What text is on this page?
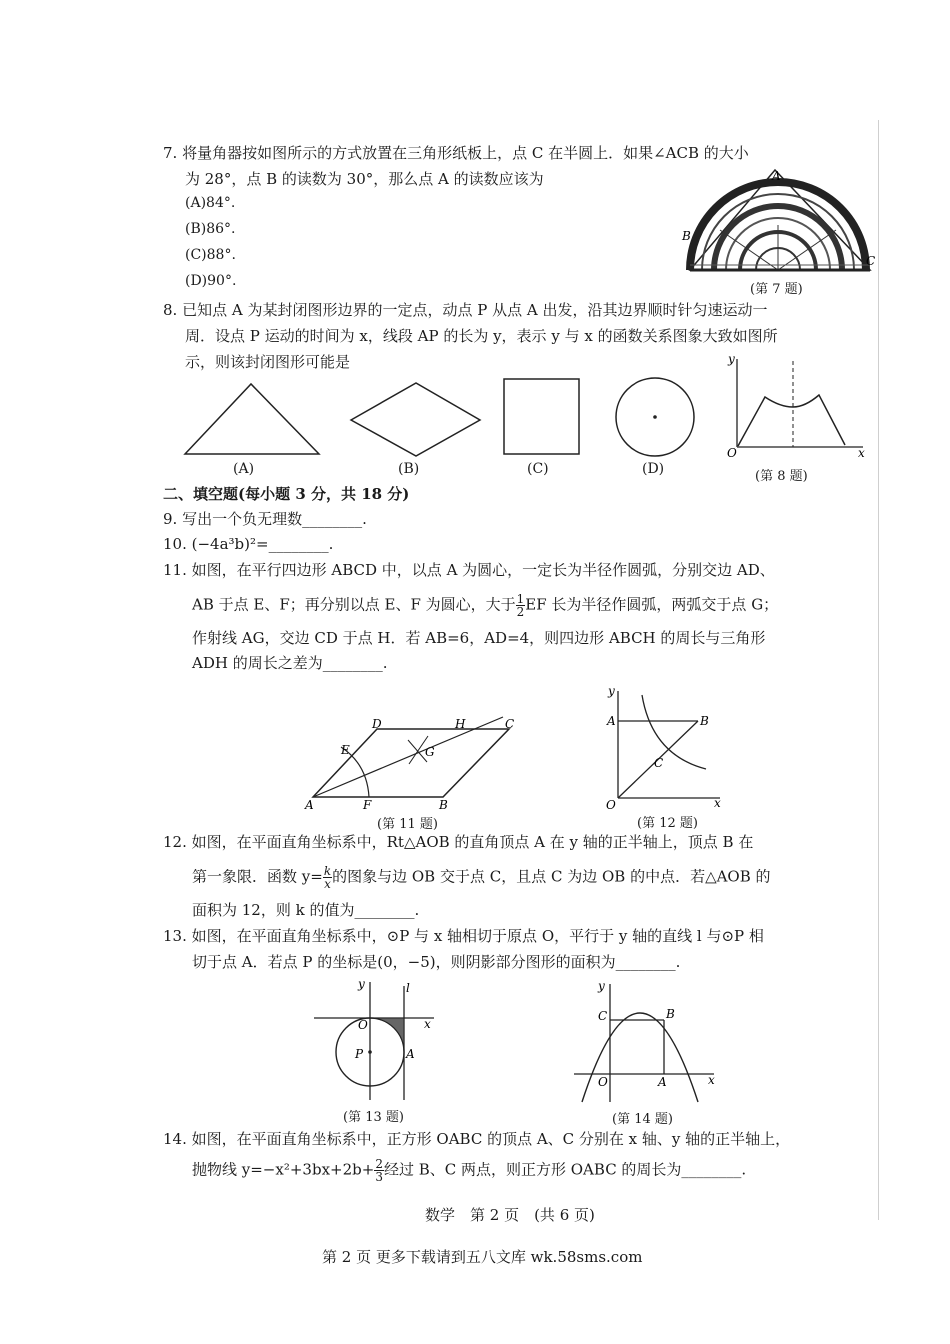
7. 将量角器按如图所示的方式放置在三角形纸板上，点 C 在半圆上．如果∠ACB 的大小
为 28°，点 B 的读数为 30°，那么点 A 的读数应该为
(A)84°.
(B)86°.
(C)88°.
(D)90°.
A
B
C
(第 7 题)
8. 已知点 A 为某封闭图形边界的一定点，动点 P 从点 A 出发，沿其边界顺时针匀速运动一
周．设点 P 运动的时间为 x，线段 AP 的长为 y，表示 y 与 x 的函数关系图象大致如图所
示，则该封闭图形可能是
(A)	(B)	(C)	(D)
y
x
O
(第 8 题)
二、填空题(每小题 3 分，共 18 分)
9. 写出一个负无理数________.
10. (−4a³b)²=________.
11. 如图，在平行四边形 ABCD 中，以点 A 为圆心，一定长为半径作圆弧，分别交边 AD、
AB 于点 E、F；再分别以点 E、F 为圆心，大于 $\frac{1}{2}$ EF 长为半径作圆弧，两弧交于点 G；
作射线 AG，交边 CD 于点 H．若 AB=6，AD=4，则四边形 ABCH 的周长与三角形
ADH 的周长之差为________.
A	B
C
D
E
F
G
H
(第 11 题)
y
x
O
A	B
C
(第 12 题)
12. 如图，在平面直角坐标系中，Rt△AOB 的直角顶点 A 在 y 轴的正半轴上，顶点 B 在
第一象限．函数 $y= \frac{k}{x}$ 的图象与边 OB 交于点 C，且点 C 为边 OB 的中点．若△AOB 的
面积为 12，则 k 的值为________.
13. 如图，在平面直角坐标系中，⊙P 与 x 轴相切于原点 O，平行于 y 轴的直线 l 与⊙P 相
切于点 A．若点 P 的坐标是(0，−5)，则阴影部分图形的面积为________.
y	l
x
O
P	A
(第 13 题)
y
x
O
C	B
A
(第 14 题)
14. 如图，在平面直角坐标系中，正方形 OABC 的顶点 A、C 分别在 x 轴、y 轴的正半轴上，
抛物线 $y=-x^2+3bx+2b+ \frac{2}{3}$ 经过 B、C 两点，则正方形 OABC 的周长为________.
数学　第 2 页　(共 6 页)
第 2 页 更多下载请到五八文库 wk.58sms.com
